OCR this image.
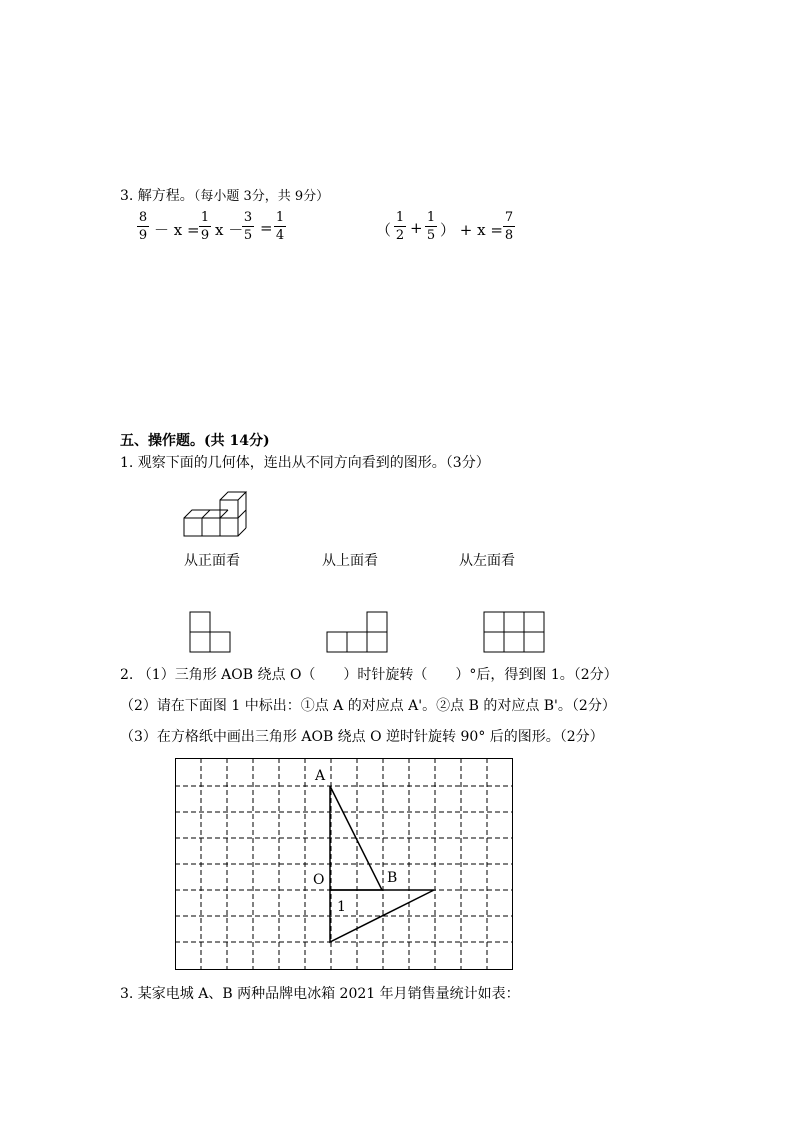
3. 解方程。（每小题 3分，共 9分）
8
9 － x =
1
9 x －
3
5 =
1
4	（
1
2 +
1
5 ） + x =
7
8
五、操作题。(共 14分)
1. 观察下面的几何体，连出从不同方向看到的图形。（3分）
从正面看	从上面看	从左面看
2. （1）三角形 AOB 绕点 O（　　）时针旋转（　　）°后，得到图 1。（2分）
（2）请在下面图 1 中标出：①点 A 的对应点 A'。②点 B 的对应点 B'。（2分）
（3）在方格纸中画出三角形 AOB 绕点 O 逆时针旋转 90° 后的图形。（2分）
A
O	B
1
3. 某家电城 A、B 两种品牌电冰箱 2021 年月销售量统计如表：
